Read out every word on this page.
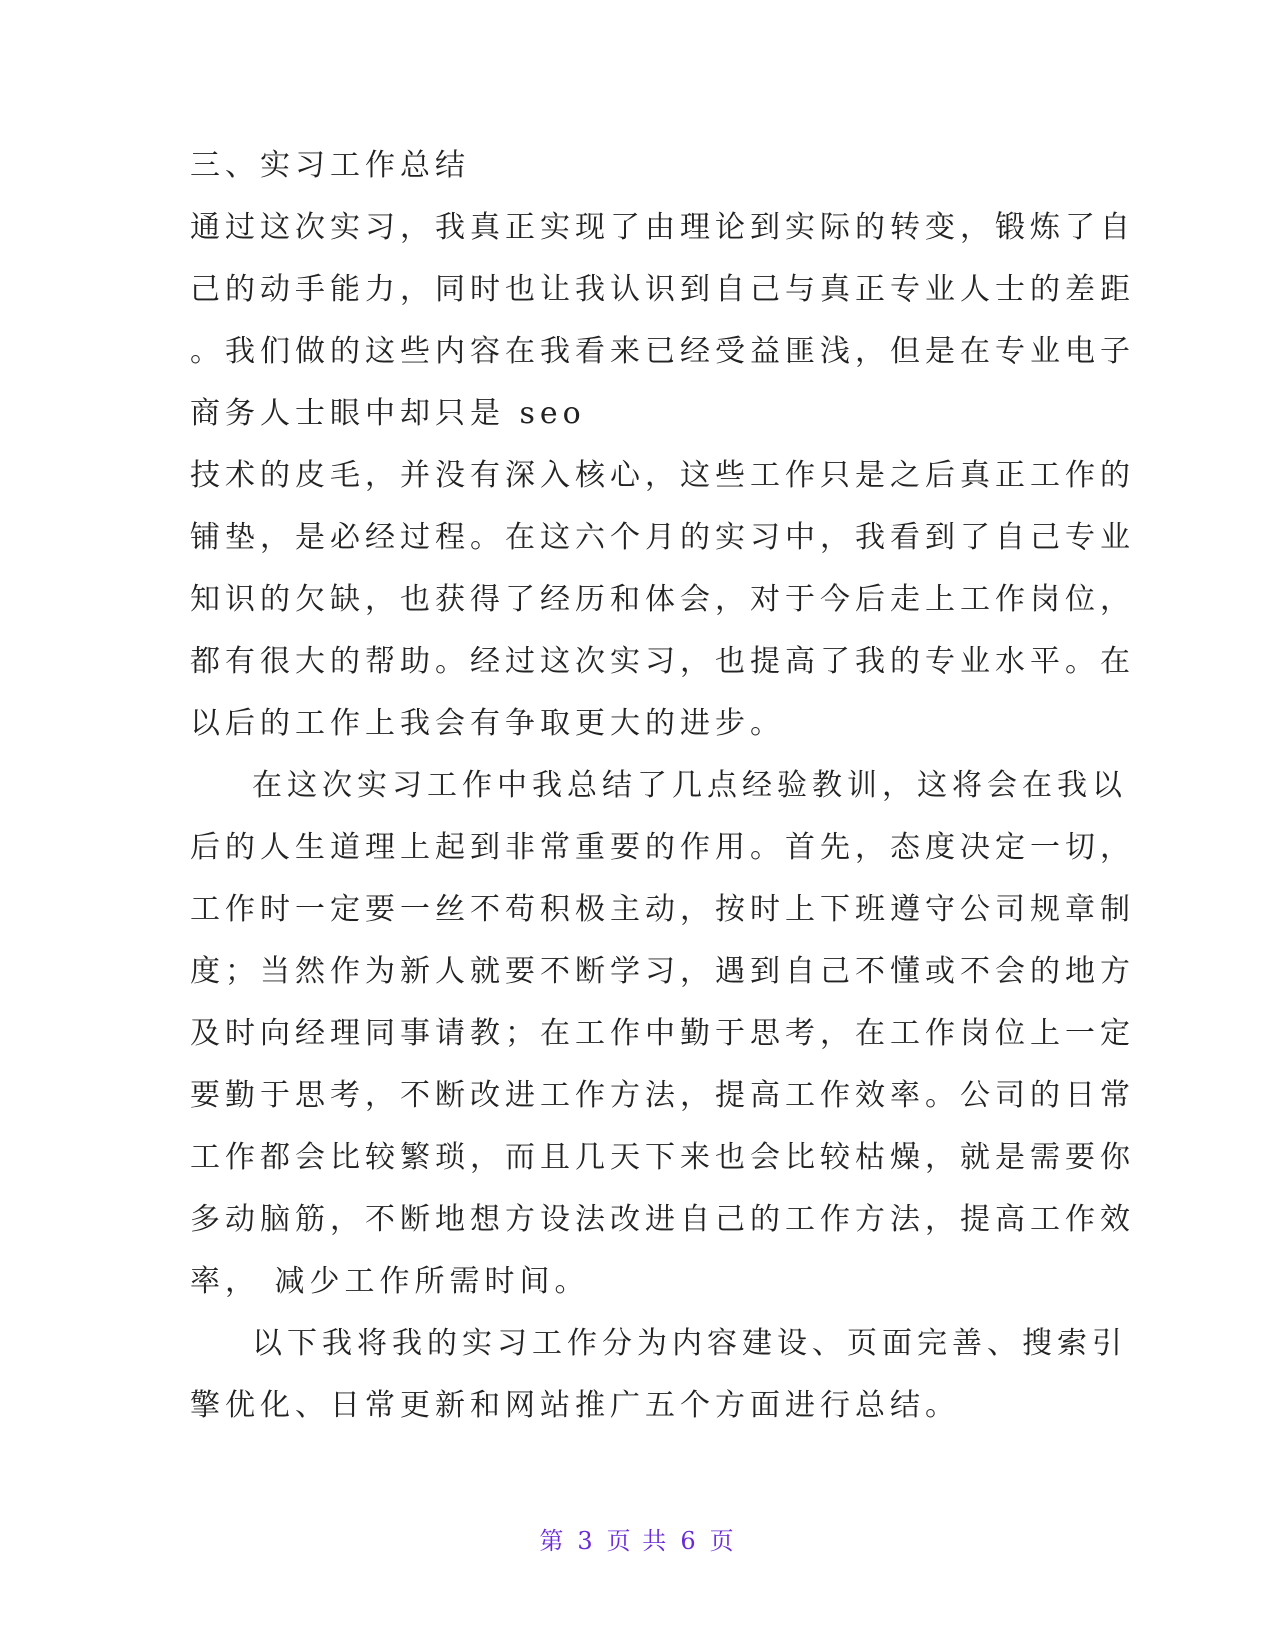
三、实习工作总结
通过这次实习，我真正实现了由理论到实际的转变，锻炼了自
己的动手能力，同时也让我认识到自己与真正专业人士的差距
。我们做的这些内容在我看来已经受益匪浅，但是在专业电子
商务人士眼中却只是 seo
技术的皮毛，并没有深入核心，这些工作只是之后真正工作的
铺垫，是必经过程。在这六个月的实习中，我看到了自己专业
知识的欠缺，也获得了经历和体会，对于今后走上工作岗位，
都有很大的帮助。经过这次实习，也提高了我的专业水平。在
以后的工作上我会有争取更大的进步。
在这次实习工作中我总结了几点经验教训，这将会在我以
后的人生道理上起到非常重要的作用。首先，态度决定一切，
工作时一定要一丝不苟积极主动，按时上下班遵守公司规章制
度；当然作为新人就要不断学习，遇到自己不懂或不会的地方
及时向经理同事请教；在工作中勤于思考，在工作岗位上一定
要勤于思考，不断改进工作方法，提高工作效率。公司的日常
工作都会比较繁琐，而且几天下来也会比较枯燥，就是需要你
多动脑筋，不断地想方设法改进自己的工作方法，提高工作效
率， 减少工作所需时间。
以下我将我的实习工作分为内容建设、页面完善、搜索引
擎优化、日常更新和网站推广五个方面进行总结。
第 3 页 共 6 页
